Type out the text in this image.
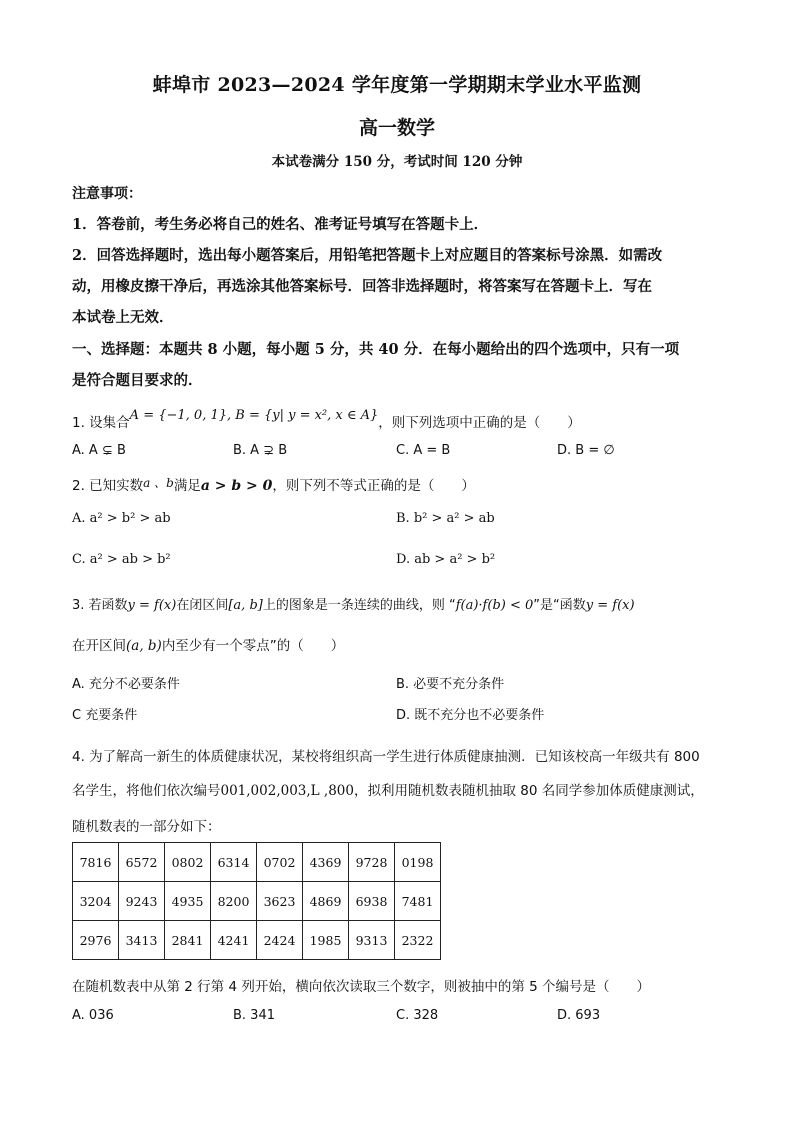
蚌埠市 2023—2024 学年度第一学期期末学业水平监测
高一数学
本试卷满分 150 分，考试时间 120 分钟
注意事项：
1．答卷前，考生务必将自己的姓名、准考证号填写在答题卡上．
2．回答选择题时，选出每小题答案后，用铅笔把答题卡上对应题目的答案标号涂黑．如需改
动，用橡皮擦干净后，再选涂其他答案标号．回答非选择题时，将答案写在答题卡上．写在
本试卷上无效．
一、选择题：本题共 8 小题，每小题 5 分，共 40 分．在每小题给出的四个选项中，只有一项
是符合题目要求的．
1. 设集合A = {−1, 0, 1}, B = {y| y = x², x ∈ A}，则下列选项中正确的是（　　）
A. A ⊊ B	B. A ⊋ B	C. A = B	D. B = ∅
2. 已知实数a 、b满足a > b > 0，则下列不等式正确的是（　　）
A. a² > b² > ab	B. b² > a² > ab
C. a² > ab > b²	D. ab > a² > b²
3. 若函数y = f(x)在闭区间[a, b]上的图象是一条连续的曲线，则 “f(a)·f(b) < 0”是“函数y = f(x)
在开区间(a, b)内至少有一个零点”的（　　）
A. 充分不必要条件	B. 必要不充分条件
C 充要条件	D. 既不充分也不必要条件
4. 为了解高一新生的体质健康状况，某校将组织高一学生进行体质健康抽测．已知该校高一年级共有 800
名学生，将他们依次编号001,002,003,L ,800，拟利用随机数表随机抽取 80 名同学参加体质健康测试，
随机数表的一部分如下：
7816	6572	0802	6314	0702	4369	9728	0198
3204	9243	4935	8200	3623	4869	6938	7481
2976	3413	2841	4241	2424	1985	9313	2322
在随机数表中从第 2 行第 4 列开始，横向依次读取三个数字，则被抽中的第 5 个编号是（　　）
A. 036	B. 341	C. 328	D. 693
